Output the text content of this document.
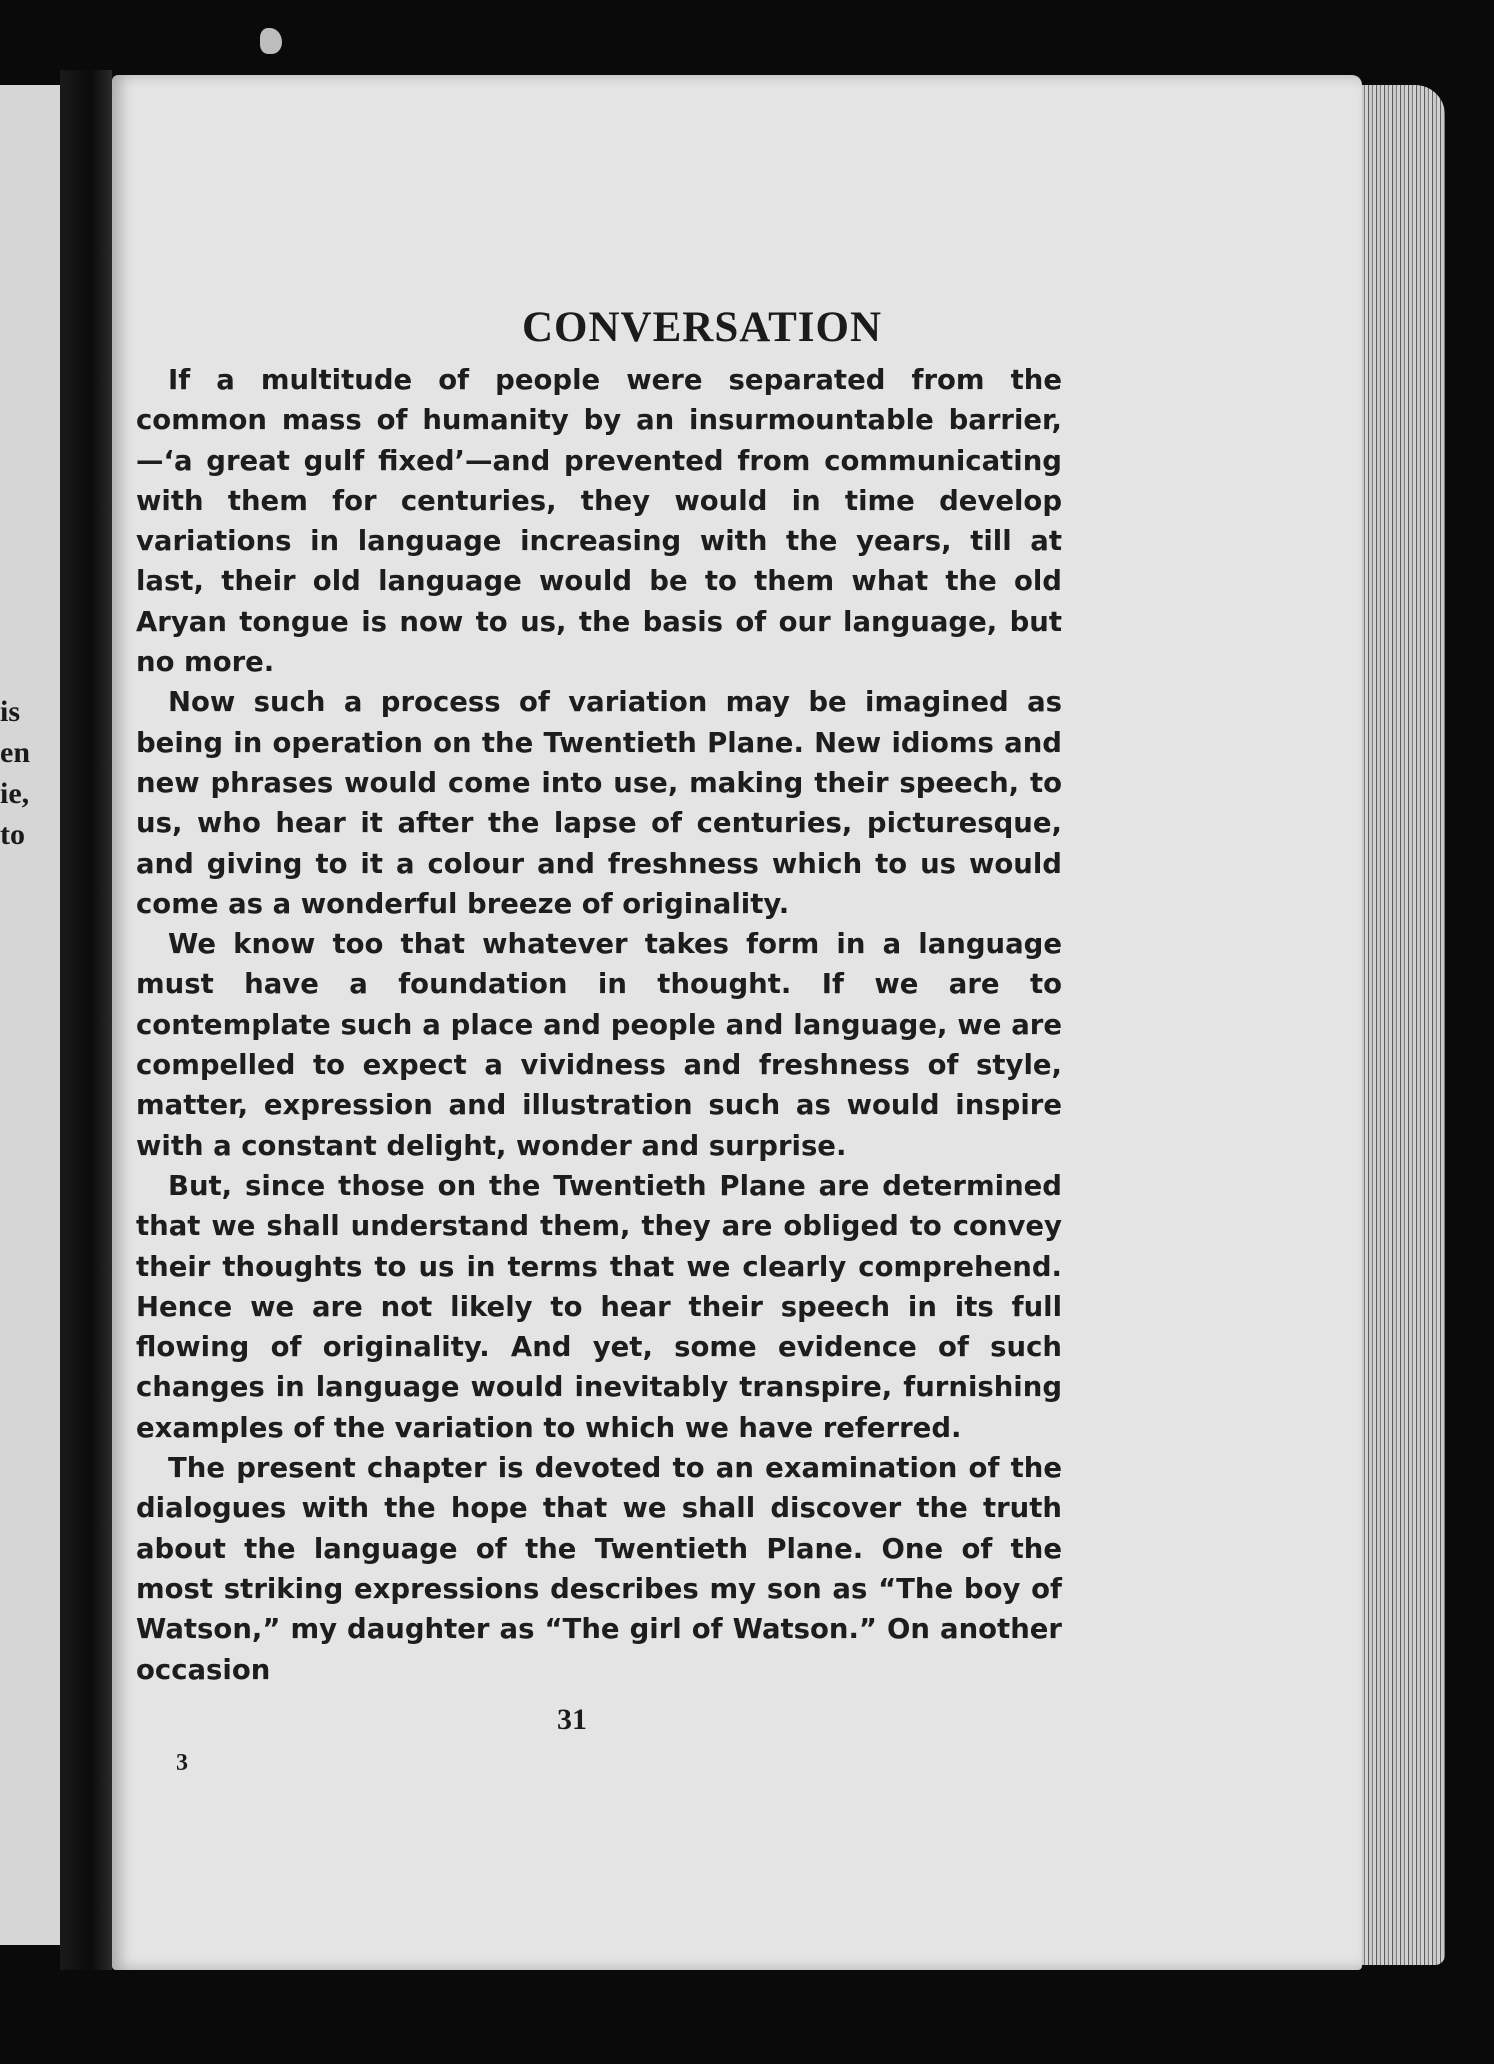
is
en
ie,
to
CONVERSATION

If a multitude of people were separated from the common mass of humanity by an insurmountable barrier,—‘a great gulf fixed’—and prevented from communicating with them for centuries, they would in time develop variations in language increasing with the years, till at last, their old language would be to them what the old Aryan tongue is now to us, the basis of our language, but no more.

Now such a process of variation may be imagined as being in operation on the Twentieth Plane. New idioms and new phrases would come into use, making their speech, to us, who hear it after the lapse of centuries, picturesque, and giving to it a colour and freshness which to us would come as a wonderful breeze of originality.

We know too that whatever takes form in a language must have a foundation in thought. If we are to contemplate such a place and people and language, we are compelled to expect a vividness and freshness of style, matter, expression and illustration such as would inspire with a constant delight, wonder and surprise.

But, since those on the Twentieth Plane are determined that we shall understand them, they are obliged to convey their thoughts to us in terms that we clearly comprehend. Hence we are not likely to hear their speech in its full flowing of originality. And yet, some evidence of such changes in language would inevitably transpire, furnishing examples of the variation to which we have referred.

The present chapter is devoted to an examination of the dialogues with the hope that we shall discover the truth about the language of the Twentieth Plane. One of the most striking expressions describes my son as “The boy of Watson,” my daughter as “The girl of Watson.” On another occasion

31
3
